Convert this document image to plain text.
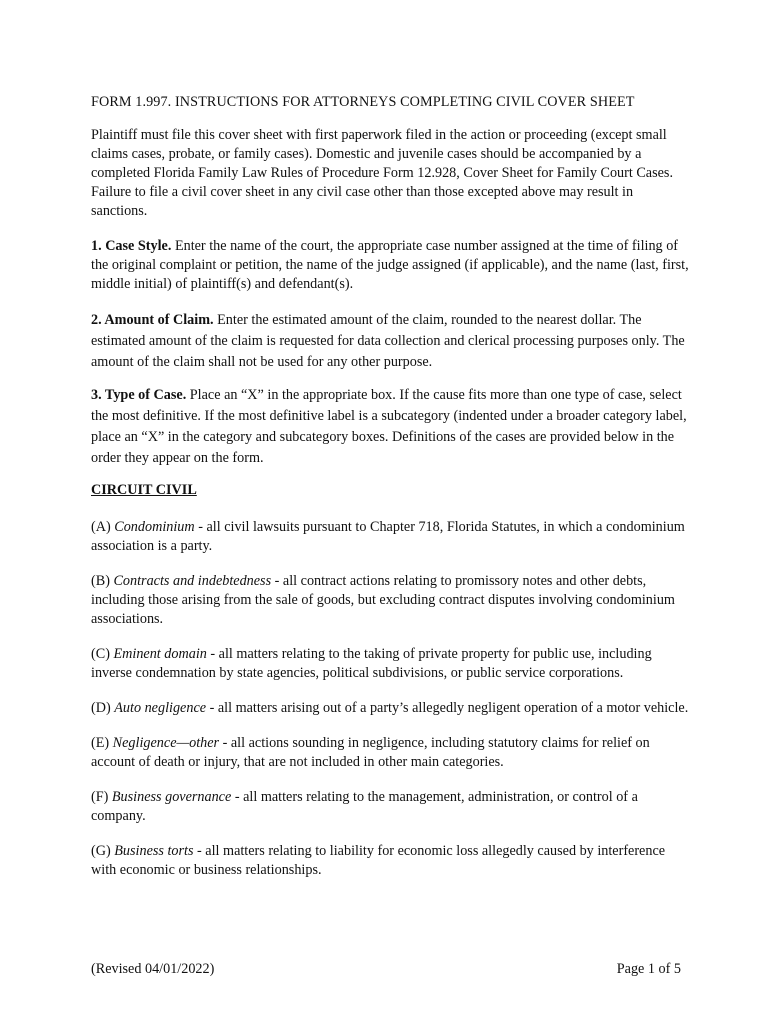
FORM 1.997. INSTRUCTIONS FOR ATTORNEYS COMPLETING CIVIL COVER SHEET

Plaintiff must file this cover sheet with first paperwork filed in the action or proceeding (except small claims cases, probate, or family cases). Domestic and juvenile cases should be accompanied by a completed Florida Family Law Rules of Procedure Form 12.928, Cover Sheet for Family Court Cases. Failure to file a civil cover sheet in any civil case other than those excepted above may result in sanctions.

1. Case Style. Enter the name of the court, the appropriate case number assigned at the time of filing of the original complaint or petition, the name of the judge assigned (if applicable), and the name (last, first, middle initial) of plaintiff(s) and defendant(s).

2. Amount of Claim. Enter the estimated amount of the claim, rounded to the nearest dollar. The estimated amount of the claim is requested for data collection and clerical processing purposes only. The amount of the claim shall not be used for any other purpose.

3. Type of Case. Place an “X” in the appropriate box. If the cause fits more than one type of case, select the most definitive. If the most definitive label is a subcategory (indented under a broader category label, place an “X” in the category and subcategory boxes. Definitions of the cases are provided below in the order they appear on the form.

CIRCUIT CIVIL

(A) Condominium - all civil lawsuits pursuant to Chapter 718, Florida Statutes, in which a condominium association is a party.

(B) Contracts and indebtedness - all contract actions relating to promissory notes and other debts, including those arising from the sale of goods, but excluding contract disputes involving condominium associations.

(C) Eminent domain - all matters relating to the taking of private property for public use, including inverse condemnation by state agencies, political subdivisions, or public service corporations.

(D) Auto negligence - all matters arising out of a party’s allegedly negligent operation of a motor vehicle.

(E) Negligence—other - all actions sounding in negligence, including statutory claims for relief on account of death or injury, that are not included in other main categories.

(F) Business governance - all matters relating to the management, administration, or control of a company.

(G) Business torts - all matters relating to liability for economic loss allegedly caused by interference with economic or business relationships.

(Revised 04/01/2022)	Page 1 of 5
